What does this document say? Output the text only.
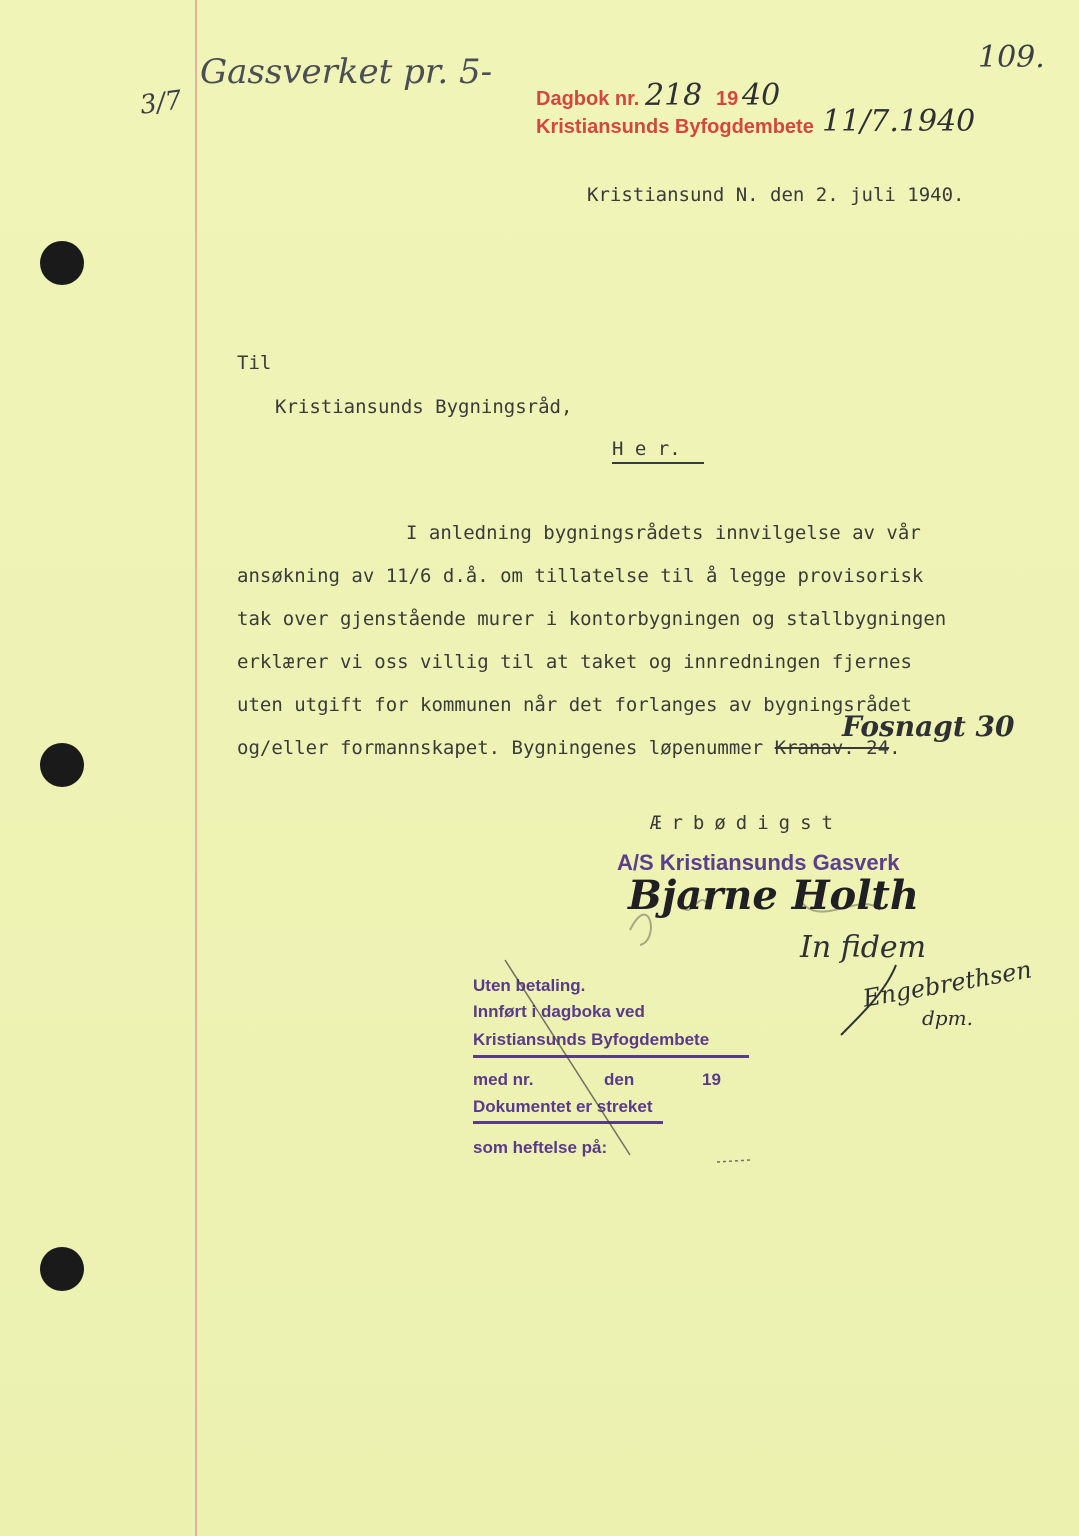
109.
3/7
Gassverket pr. 5-
Dagbok nr. 218 19 40
Kristiansunds Byfogdembete 11/7.1940
Kristiansund N. den 2. juli 1940.
Til
Kristiansunds Bygningsråd,
H e r.
I anledning bygningsrådets innvilgelse av vår
ansøkning av 11/6 d.å. om tillatelse til å legge provisorisk
tak over gjenstående murer i kontorbygningen og stallbygningen
erklærer vi oss villig til at taket og innredningen fjernes
uten utgift for kommunen når det forlanges av bygningsrådet
og/eller formannskapet. Bygningenes løpenummer Kranav. 24.
Fosnagt 30
Ærbødigst
A/S Kristiansunds Gasverk
Bjarne Holth
In fidem
Engebrethsen
dpm.
Uten betaling.
Innført i dagboka ved
Kristiansunds Byfogdembete
med nr.	den	19
Dokumentet er streket
som heftelse på:
